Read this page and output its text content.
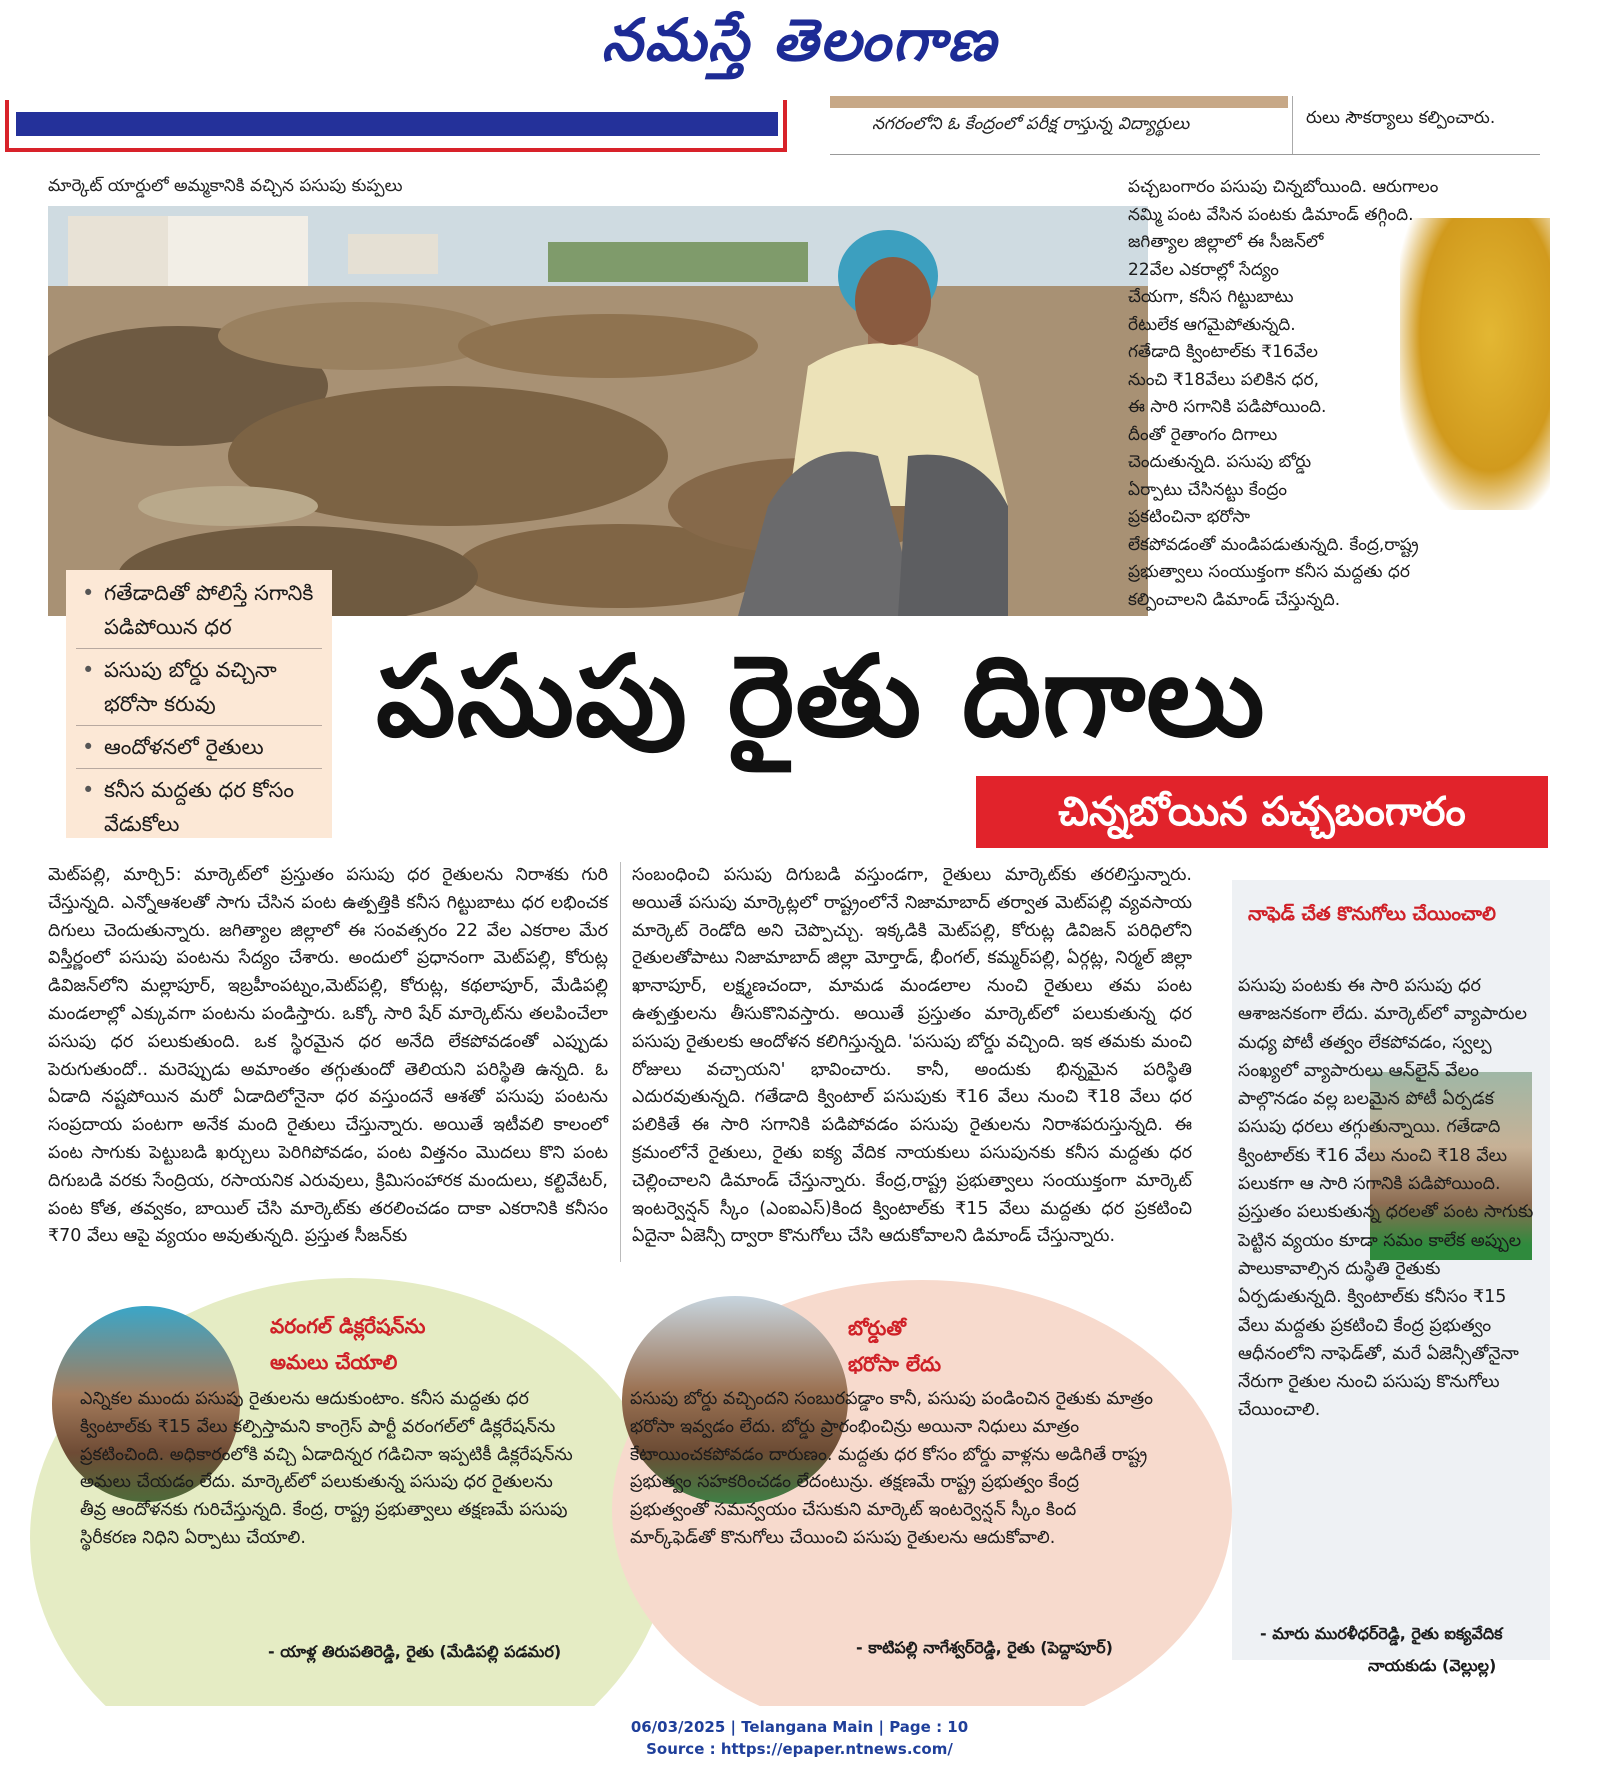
నమస్తే తెలంగాణ
నగరంలోని ఓ కేంద్రంలో పరీక్ష రాస్తున్న విద్యార్థులు	రులు సౌకర్యాలు కల్పించారు.
మార్కెట్ యార్డులో అమ్మకానికి వచ్చిన పసుపు కుప్పలు	పచ్చబంగారం పసుపు చిన్నబోయింది. ఆరుగాలం

నమ్మి పంట వేసిన పంటకు డిమాండ్ తగ్గింది.

జగిత్యాల జిల్లాలో ఈ సీజన్‌లో

22వేల ఎకరాల్లో సేద్యం

చేయగా, కనీస గిట్టుబాటు

రేటులేక ఆగమైపోతున్నది.

గతేడాది క్వింటాల్‌కు ₹16వేల

నుంచి ₹18వేలు పలికిన ధర,

ఈ సారి సగానికి పడిపోయింది.

దీంతో రైతాంగం దిగాలు

చెందుతున్నది. పసుపు బోర్డు

ఏర్పాటు చేసినట్టు కేంద్రం

ప్రకటించినా భరోసా

లేకపోవడంతో మండిపడుతున్నది. కేంద్ర,రాష్ట్ర

ప్రభుత్వాలు సంయుక్తంగా కనీస మద్దతు ధర

కల్పించాలని డిమాండ్ చేస్తున్నది.

• గతేడాదితో పోలిస్తే సగానికి పడిపోయిన ధర
• పసుపు బోర్డు వచ్చినా భరోసా కరువు
• ఆందోళనలో రైతులు
• కనీస మద్దతు ధర కోసం వేడుకోలు
పసుపు రైతు దిగాలు
చిన్నబోయిన పచ్చబంగారం
మెట్‌పల్లి, మార్చి5: మార్కెట్‌లో ప్రస్తుతం పసుపు ధర రైతులను నిరాశకు గురి చేస్తున్నది. ఎన్నోఆశలతో సాగు చేసిన పంట ఉత్పత్తికి కనీస గిట్టుబాటు ధర లభించక దిగులు చెందుతున్నారు. జగిత్యాల జిల్లాలో ఈ సంవత్సరం 22 వేల ఎకరాల మేర విస్తీర్ణంలో పసుపు పంటను సేద్యం చేశారు. అందులో ప్రధానంగా మెట్‌పల్లి, కోరుట్ల డివిజన్‌లోని మల్లాపూర్, ఇబ్రహీంపట్నం,మెట్‌పల్లి, కోరుట్ల, కథలాపూర్, మేడిపల్లి మండలాల్లో ఎక్కువగా పంటను పండిస్తారు. ఒక్కో సారి షేర్ మార్కెట్‌ను తలపించేలా పసుపు ధర పలుకుతుంది. ఒక స్థిరమైన ధర అనేది లేకపోవడంతో ఎప్పుడు పెరుగుతుందో.. మరెప్పుడు అమాంతం తగ్గుతుందో తెలియని పరిస్థితి ఉన్నది. ఓ ఏడాది నష్టపోయిన మరో ఏడాదిలోనైనా ధర వస్తుందనే ఆశతో పసుపు పంటను సంప్రదాయ పంటగా అనేక మంది రైతులు చేస్తున్నారు. అయితే ఇటీవలి కాలంలో పంట సాగుకు పెట్టుబడి ఖర్చులు పెరిగిపోవడం, పంట విత్తనం మొదలు కొని పంట దిగుబడి వరకు సేంద్రియ, రసాయనిక ఎరువులు, క్రిమిసంహారక మందులు, కల్టివేటర్, పంట కోత, తవ్వకం, బాయిల్ చేసి మార్కెట్‌కు తరలించడం దాకా ఎకరానికి కనీసం ₹70 వేలు ఆపై వ్యయం అవుతున్నది. ప్రస్తుత సీజన్‌కు
సంబంధించి పసుపు దిగుబడి వస్తుండగా, రైతులు మార్కెట్‌కు తరలిస్తున్నారు. అయితే పసుపు మార్కెట్లలో రాష్ట్రంలోనే నిజామాబాద్ తర్వాత మెట్‌పల్లి వ్యవసాయ మార్కెట్ రెండోది అని చెప్పొచ్చు. ఇక్కడికి మెట్‌పల్లి, కోరుట్ల డివిజన్ పరిధిలోని రైతులతోపాటు నిజామాబాద్ జిల్లా మోర్తాడ్, భీంగల్, కమ్మర్‌పల్లి, ఏర్గట్ల, నిర్మల్ జిల్లా ఖానాపూర్, లక్ష్మణచందా, మామడ మండలాల నుంచి రైతులు తమ పంట ఉత్పత్తులను తీసుకొనివస్తారు. అయితే ప్రస్తుతం మార్కెట్‌లో పలుకుతున్న ధర పసుపు రైతులకు ఆందోళన కలిగిస్తున్నది. 'పసుపు బోర్డు వచ్చింది. ఇక తమకు మంచి రోజులు వచ్చాయని' భావించారు. కానీ, అందుకు భిన్నమైన పరిస్థితి ఎదురవుతున్నది. గతేడాది క్వింటాల్ పసుపుకు ₹16 వేలు నుంచి ₹18 వేలు ధర పలికితే ఈ సారి సగానికి పడిపోవడం పసుపు రైతులను నిరాశపరుస్తున్నది. ఈ క్రమంలోనే రైతులు, రైతు ఐక్య వేదిక నాయకులు పసుపునకు కనీస మద్దతు ధర చెల్లించాలని డిమాండ్ చేస్తున్నారు. కేంద్ర,రాష్ట్ర ప్రభుత్వాలు సంయుక్తంగా మార్కెట్ ఇంటర్వెన్షన్ స్కీం (ఎంఐఎస్)కింద క్వింటాల్‌కు ₹15 వేలు మద్దతు ధర ప్రకటించి ఏదైనా ఏజెన్సీ ద్వారా కొనుగోలు చేసి ఆదుకోవాలని డిమాండ్ చేస్తున్నారు.
నాఫెడ్ చేత కొనుగోలు చేయించాలి
పసుపు పంటకు ఈ సారి పసుపు ధర ఆశాజనకంగా లేదు. మార్కెట్‌లో వ్యాపారుల మధ్య పోటీ తత్వం లేకపోవడం, స్వల్ప సంఖ్యలో వ్యాపారులు ఆన్‌లైన్ వేలం పాల్గొనడం వల్ల బలమైన పోటీ ఏర్పడక పసుపు ధరలు తగ్గుతున్నాయి. గతేడాది క్వింటాల్‌కు ₹16 వేలు నుంచి ₹18 వేలు పలుకగా ఆ సారి సగానికి పడిపోయింది. ప్రస్తుతం పలుకుతున్న ధరలతో పంట సాగుకు పెట్టిన వ్యయం కూడా సమం కాలేక అప్పుల పాలుకావాల్సిన దుస్థితి రైతుకు ఏర్పడుతున్నది. క్వింటాల్‌కు కనీసం ₹15 వేలు మద్దతు ప్రకటించి కేంద్ర ప్రభుత్వం ఆధీనంలోని నాఫెడ్‌తో, మరే ఏజెన్సీతోనైనా నేరుగా రైతుల నుంచి పసుపు కొనుగోలు చేయించాలి.
- మారు మురళీధర్‌రెడ్డి, రైతు ఐక్యవేదిక
నాయకుడు (వెల్లుల్ల)
వరంగల్ డిక్లరేషన్‌ను
అమలు చేయాలి
ఎన్నికల ముందు పసుపు రైతులను ఆదుకుంటాం. కనీస మద్దతు ధర క్వింటాల్‌కు ₹15 వేలు కల్పిస్తామని కాంగ్రెస్ పార్టీ వరంగల్‌లో డిక్లరేషన్‌ను ప్రకటించింది. అధికారంలోకి వచ్చి ఏడాదిన్నర గడిచినా ఇప్పటికీ డిక్లరేషన్‌ను అమలు చేయడం లేదు. మార్కెట్‌లో పలుకుతున్న పసుపు ధర రైతులను తీవ్ర ఆందోళనకు గురిచేస్తున్నది. కేంద్ర, రాష్ట్ర ప్రభుత్వాలు తక్షణమే పసుపు స్థిరీకరణ నిధిని ఏర్పాటు చేయాలి.
- యాళ్ల తిరుపతిరెడ్డి, రైతు (మేడిపల్లి పడమర)
బోర్డుతో
భరోసా లేదు
పసుపు బోర్డు వచ్చిందని సంబురపడ్డాం కానీ, పసుపు పండించిన రైతుకు మాత్రం భరోసా ఇవ్వడం లేదు. బోర్డు ప్రారంభించిన్రు అయినా నిధులు మాత్రం కేటాయించకపోవడం దారుణం. మద్దతు ధర కోసం బోర్డు వాళ్లను అడిగితే రాష్ట్ర ప్రభుత్వం సహకరించడం లేదంటున్రు. తక్షణమే రాష్ట్ర ప్రభుత్వం కేంద్ర ప్రభుత్వంతో సమన్వయం చేసుకుని మార్కెట్ ఇంటర్వెన్షన్ స్కీం కింద మార్క్‌ఫెడ్‌తో కొనుగోలు చేయించి పసుపు రైతులను ఆదుకోవాలి.
- కాటిపల్లి నాగేశ్వర్‌రెడ్డి, రైతు (పెద్దాపూర్)
06/03/2025 | Telangana Main | Page : 10
Source : https://epaper.ntnews.com/
